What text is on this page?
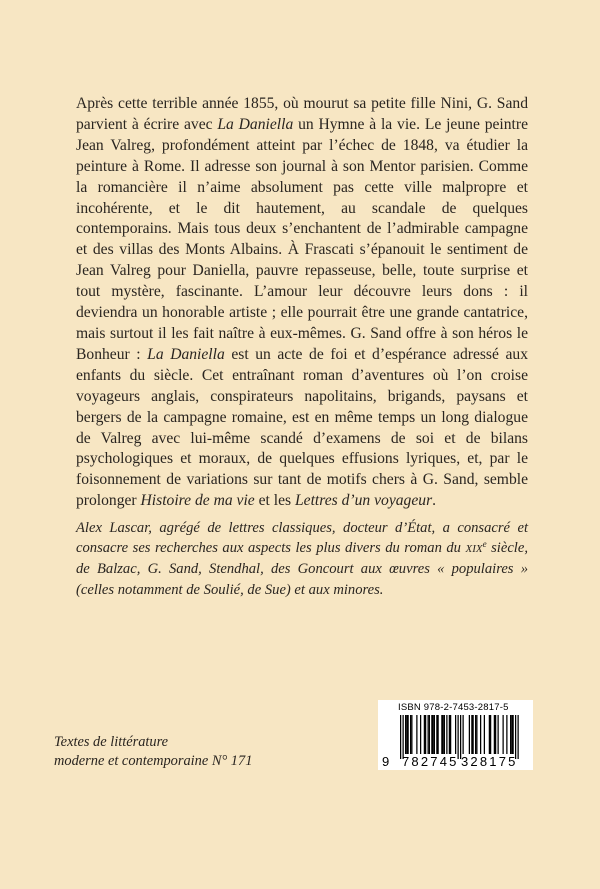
Après cette terrible année 1855, où mourut sa petite fille Nini, G. Sand parvient à écrire avec La Daniella un Hymne à la vie. Le jeune peintre Jean Valreg, profondément atteint par l’échec de 1848, va étudier la peinture à Rome. Il adresse son journal à son Mentor parisien. Comme la romancière il n’aime absolument pas cette ville malpropre et incohérente, et le dit hautement, au scandale de quelques contemporains. Mais tous deux s’enchantent de l’admirable campagne et des villas des Monts Albains. À Frascati s’épanouit le sentiment de Jean Valreg pour Daniella, pauvre repasseuse, belle, toute surprise et tout mystère, fascinante. L’amour leur découvre leurs dons : il deviendra un honorable artiste ; elle pourrait être une grande cantatrice, mais surtout il les fait naître à eux-mêmes. G. Sand offre à son héros le Bonheur : La Daniella est un acte de foi et d’espérance adressé aux enfants du siècle. Cet entraînant roman d’aventures où l’on croise voyageurs anglais, conspirateurs napolitains, brigands, paysans et bergers de la campagne romaine, est en même temps un long dialogue de Valreg avec lui-même scandé d’examens de soi et de bilans psychologiques et moraux, de quelques effusions lyriques, et, par le foisonnement de variations sur tant de motifs chers à G. Sand, semble prolonger Histoire de ma vie et les Lettres d’un voyageur.

Alex Lascar, agrégé de lettres classiques, docteur d’État, a consacré et consacre ses recherches aux aspects les plus divers du roman du XIXe siècle, de Balzac, G. Sand, Stendhal, des Goncourt aux œuvres « populaires » (celles notamment de Soulié, de Sue) et aux minores.
Textes de littérature
moderne et contemporaine N° 171
ISBN 978-2-7453-2817-5
9 782745 328175
